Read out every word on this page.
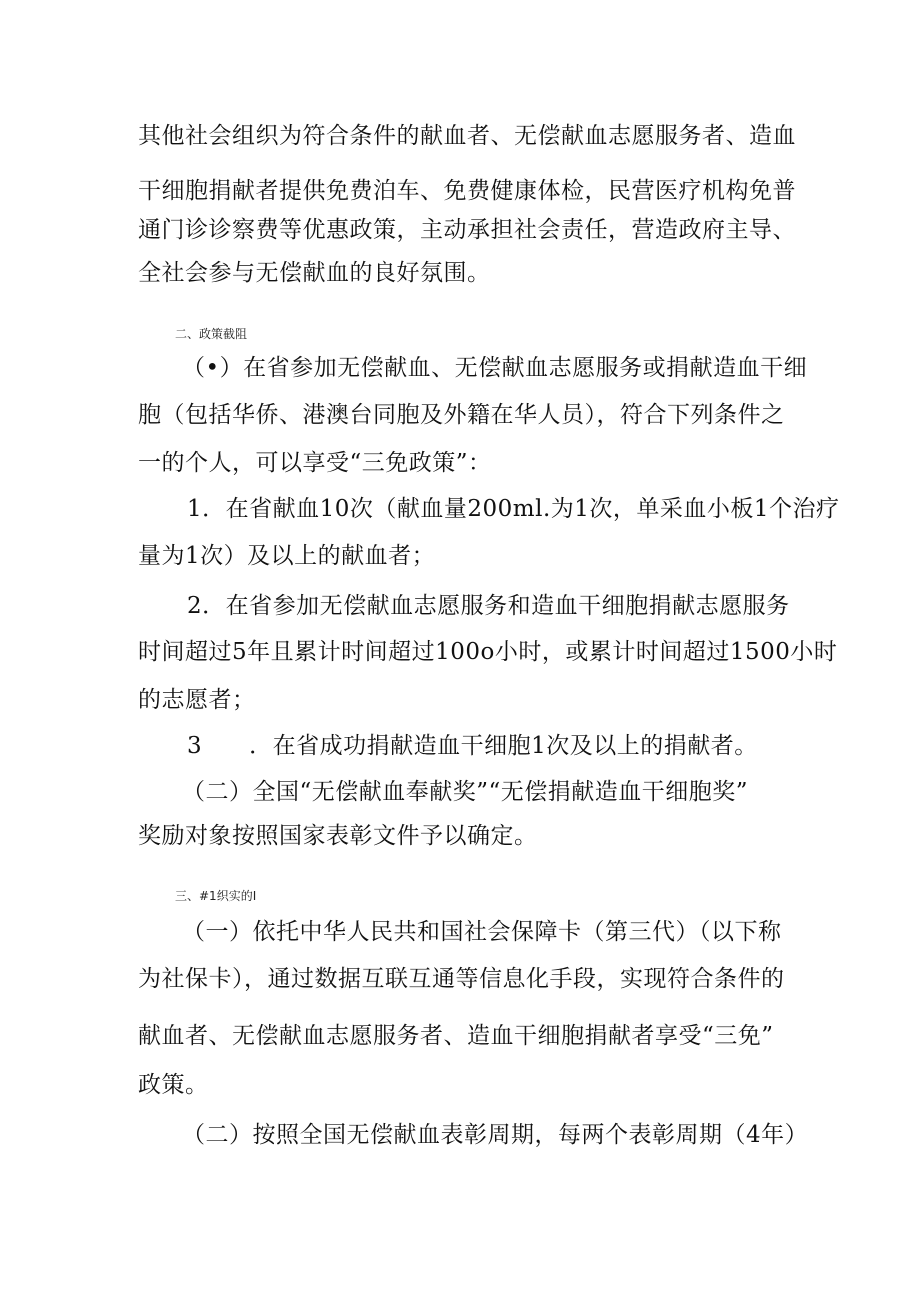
其他社会组织为符合条件的献血者、无偿献血志愿服务者、造血
干细胞捐献者提供免费泊车、免费健康体检，民营医疗机构免普
通门诊诊察费等优惠政策，主动承担社会责任，营造政府主导、
全社会参与无偿献血的良好氛围。
二、政策截阻
（•）在省参加无偿献血、无偿献血志愿服务或捐献造血干细
胞（包括华侨、港澳台同胞及外籍在华人员），符合下列条件之
一的个人，可以享受“三免政策”：
1．在省献血10次（献血量200ml.为1次，单采血小板1个治疗
量为1次）及以上的献血者；
2．在省参加无偿献血志愿服务和造血干细胞捐献志愿服务
时间超过5年且累计时间超过100o小时，或累计时间超过1500小时
的志愿者；
3　　．在省成功捐献造血干细胞1次及以上的捐献者。
（二）全国“无偿献血奉献奖”“无偿捐献造血干细胞奖”
奖励对象按照国家表彰文件予以确定。
三、#1织实的I
（一）依托中华人民共和国社会保障卡（第三代）（以下称
为社保卡），通过数据互联互通等信息化手段，实现符合条件的
献血者、无偿献血志愿服务者、造血干细胞捐献者享受“三免”
政策。
（二）按照全国无偿献血表彰周期，每两个表彰周期（4年）
